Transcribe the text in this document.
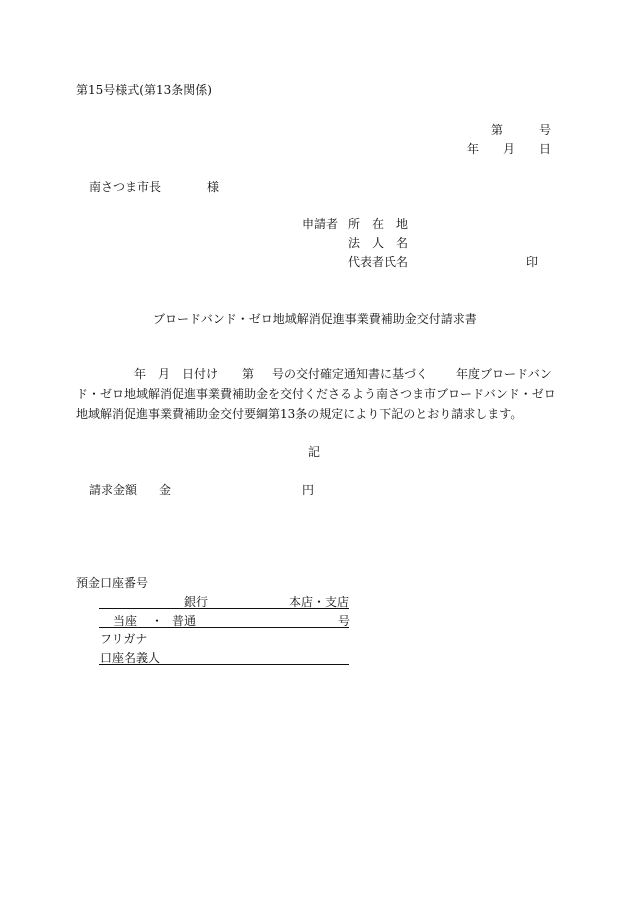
第15号様式(第13条関係)
第	号
年 月 日
南さつま市長	様
申請者 所　在　地
法　人　名
代表者氏名	印
ブロードバンド・ゼロ地域解消促進事業費補助金交付請求書
年 月 日付け 第 号の交付確定通知書に基づく 年度ブロードバン
ド・ゼロ地域解消促進事業費補助金を交付くださるよう南さつま市ブロードバンド・ゼロ
地域解消促進事業費補助金交付要綱第13条の規定により下記のとおり請求します。
記
請求金額 金	円
預金口座番号
銀行	本店・支店
当座 ・ 普通	号
フリガナ
口座名義人
